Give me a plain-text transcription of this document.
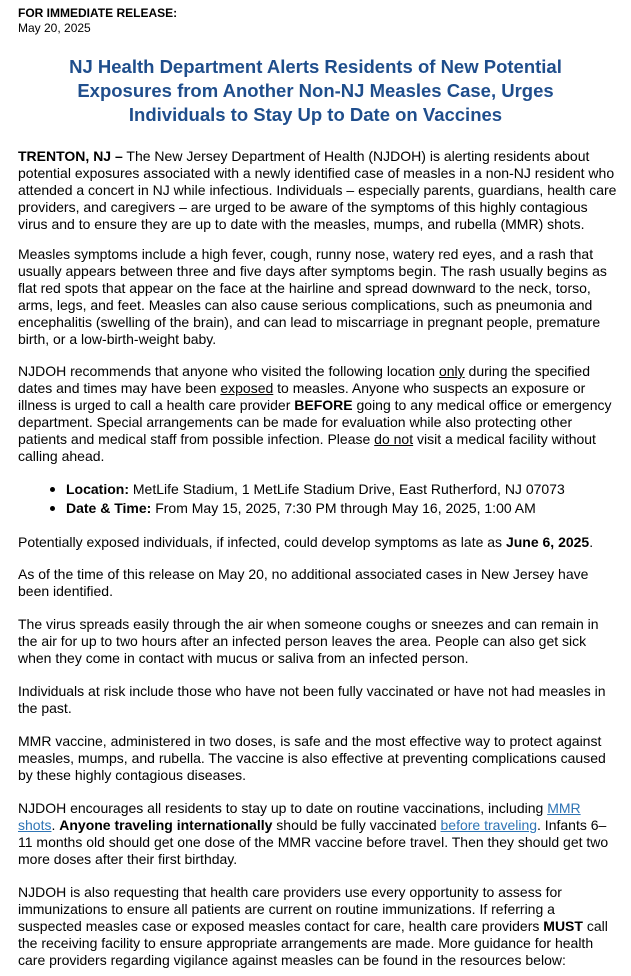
FOR IMMEDIATE RELEASE:
May 20, 2025
NJ Health Department Alerts Residents of New Potential
Exposures from Another Non-NJ Measles Case, Urges
Individuals to Stay Up to Date on Vaccines

TRENTON, NJ – The New Jersey Department of Health (NJDOH) is alerting residents about potential exposures associated with a newly identified case of measles in a non-NJ resident who attended a concert in NJ while infectious. Individuals – especially parents, guardians, health care providers, and caregivers – are urged to be aware of the symptoms of this highly contagious virus and to ensure they are up to date with the measles, mumps, and rubella (MMR) shots.

Measles symptoms include a high fever, cough, runny nose, watery red eyes, and a rash that usually appears between three and five days after symptoms begin. The rash usually begins as flat red spots that appear on the face at the hairline and spread downward to the neck, torso, arms, legs, and feet. Measles can also cause serious complications, such as pneumonia and encephalitis (swelling of the brain), and can lead to miscarriage in pregnant people, premature birth, or a low-birth-weight baby.

NJDOH recommends that anyone who visited the following location only during the specified dates and times may have been exposed to measles. Anyone who suspects an exposure or illness is urged to call a health care provider BEFORE going to any medical office or emergency department. Special arrangements can be made for evaluation while also protecting other patients and medical staff from possible infection. Please do not visit a medical facility without calling ahead.

Location: MetLife Stadium, 1 MetLife Stadium Drive, East Rutherford, NJ 07073
Date & Time: From May 15, 2025, 7:30 PM through May 16, 2025, 1:00 AM

Potentially exposed individuals, if infected, could develop symptoms as late as June 6, 2025.

As of the time of this release on May 20, no additional associated cases in New Jersey have been identified.

The virus spreads easily through the air when someone coughs or sneezes and can remain in the air for up to two hours after an infected person leaves the area. People can also get sick when they come in contact with mucus or saliva from an infected person.

Individuals at risk include those who have not been fully vaccinated or have not had measles in the past.

MMR vaccine, administered in two doses, is safe and the most effective way to protect against measles, mumps, and rubella. The vaccine is also effective at preventing complications caused by these highly contagious diseases.

NJDOH encourages all residents to stay up to date on routine vaccinations, including MMR shots. Anyone traveling internationally should be fully vaccinated before traveling. Infants 6–11 months old should get one dose of the MMR vaccine before travel. Then they should get two more doses after their first birthday.

NJDOH is also requesting that health care providers use every opportunity to assess for immunizations to ensure all patients are current on routine immunizations. If referring a suspected measles case or exposed measles contact for care, health care providers MUST call the receiving facility to ensure appropriate arrangements are made. More guidance for health care providers regarding vigilance against measles can be found in the resources below:
